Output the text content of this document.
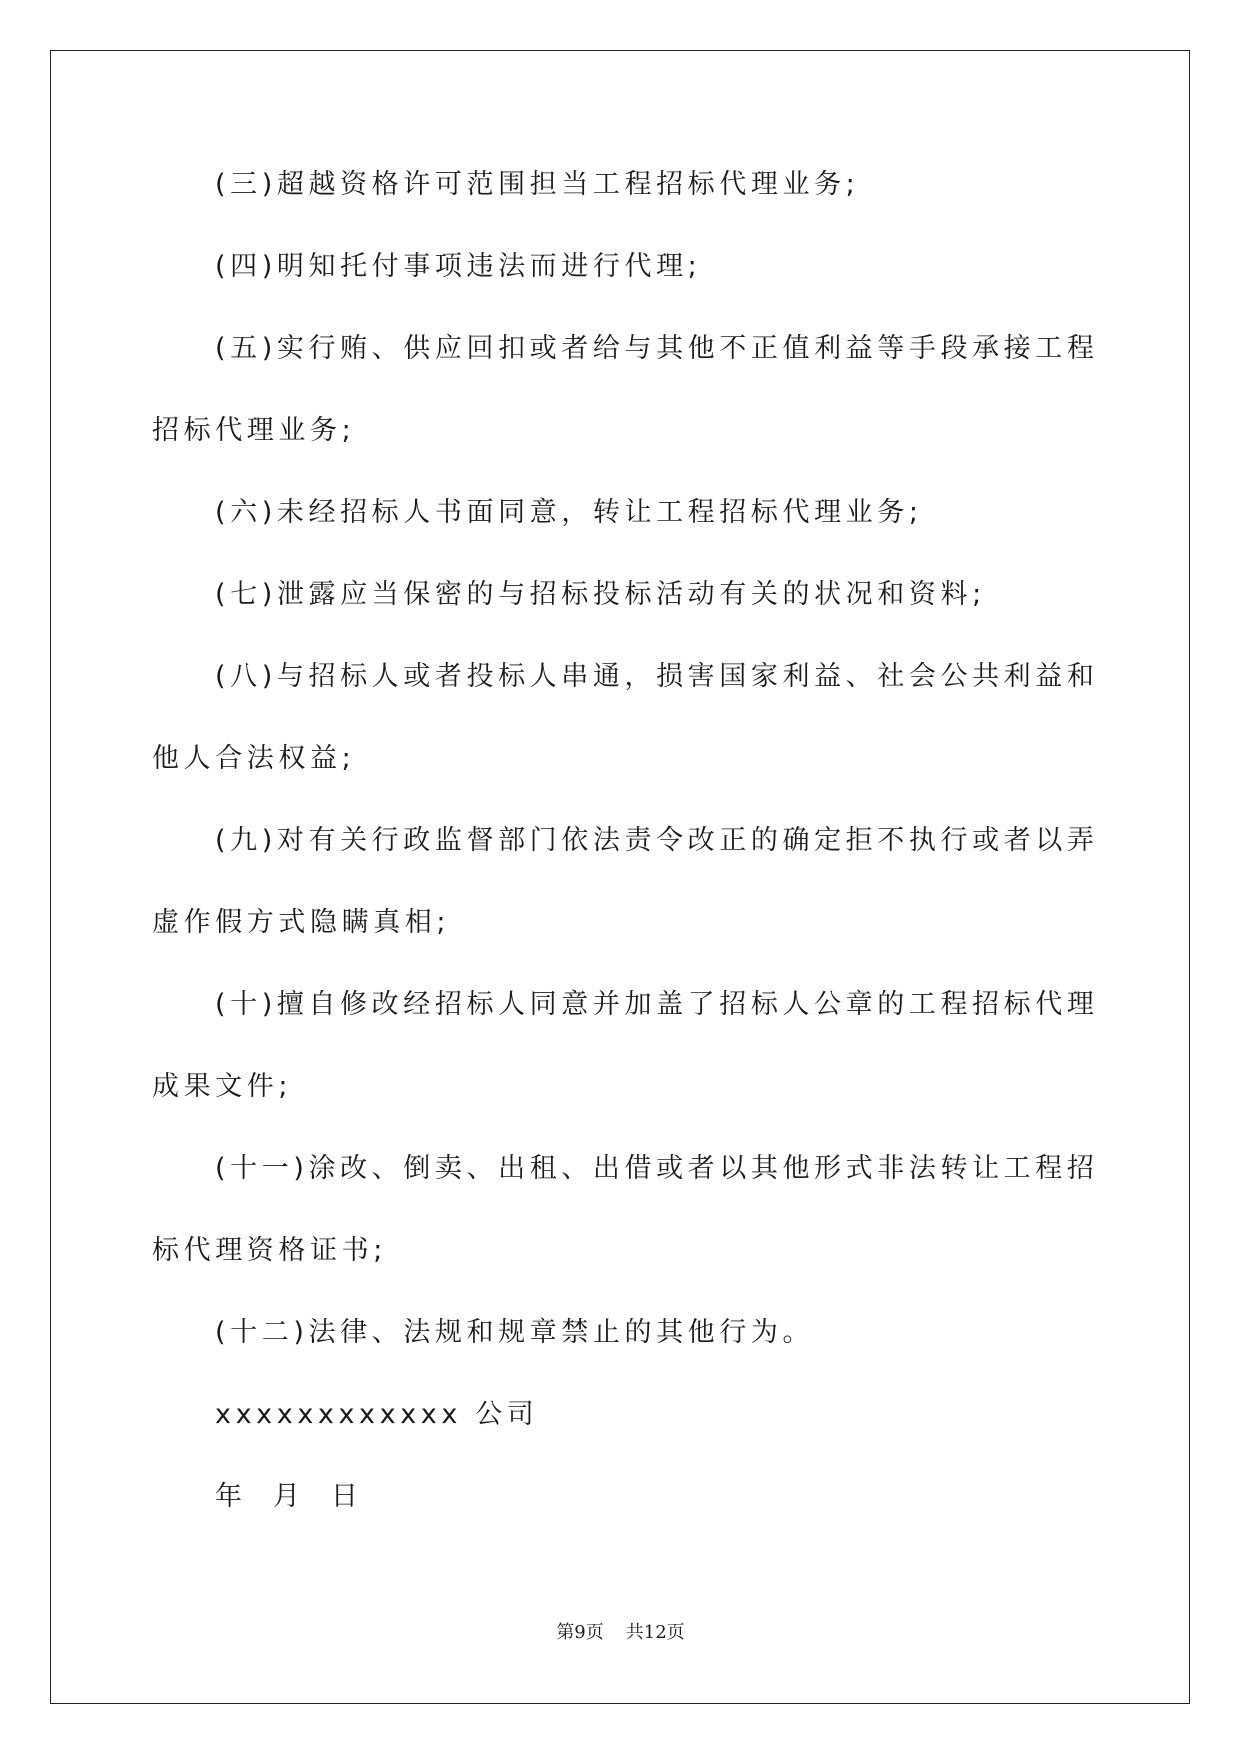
(三)超越资格许可范围担当工程招标代理业务;
(四)明知托付事项违法而进行代理;
(五)实行贿、供应回扣或者给与其他不正值利益等手段承接工程
招标代理业务;
(六)未经招标人书面同意，转让工程招标代理业务;
(七)泄露应当保密的与招标投标活动有关的状况和资料;
(八)与招标人或者投标人串通，损害国家利益、社会公共利益和
他人合法权益;
(九)对有关行政监督部门依法责令改正的确定拒不执行或者以弄
虚作假方式隐瞒真相;
(十)擅自修改经招标人同意并加盖了招标人公章的工程招标代理
成果文件;
(十一)涂改、倒卖、出租、出借或者以其他形式非法转让工程招
标代理资格证书;
(十二)法律、法规和规章禁止的其他行为。
xxxxxxxxxxxx 公司
年  月  日
第9页 共12页
